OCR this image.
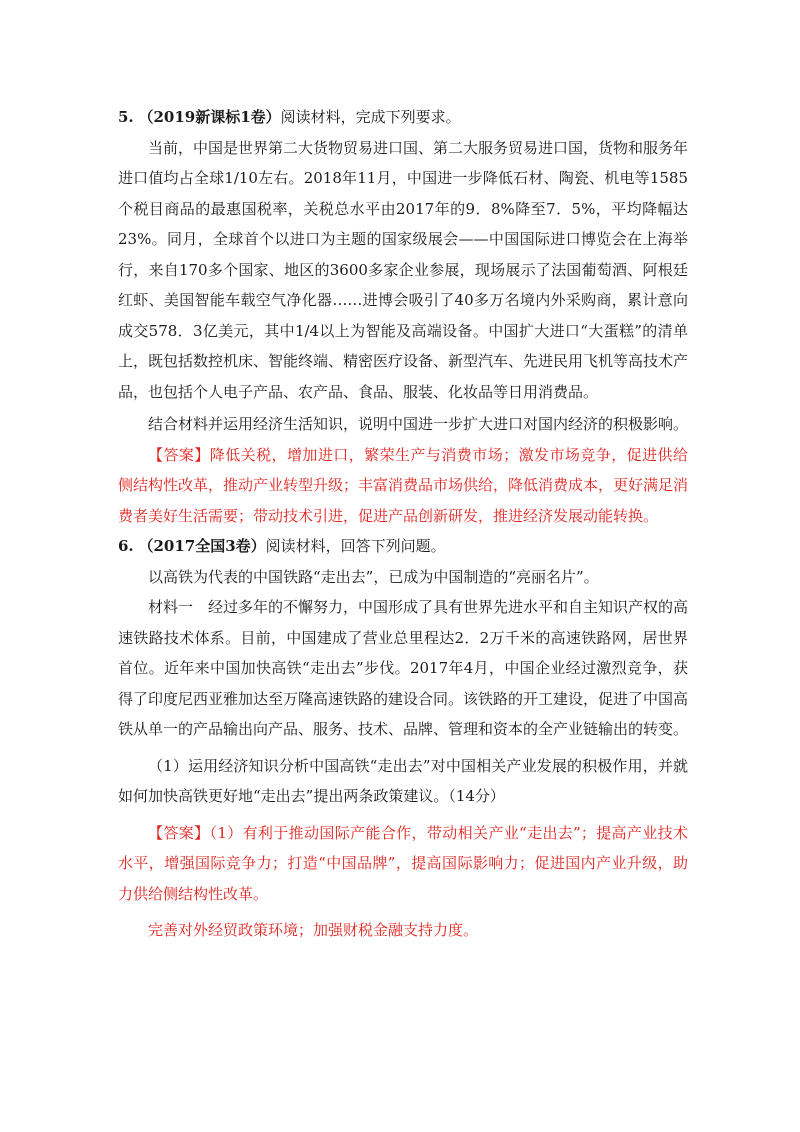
5. （2019新课标1卷）阅读材料，完成下列要求。

当前，中国是世界第二大货物贸易进口国、第二大服务贸易进口国，货物和服务年进口值均占全球1/10左右。2018年11月，中国进一步降低石材、陶瓷、机电等1585个税目商品的最惠国税率，关税总水平由2017年的9．8%降至7．5%，平均降幅达23%。同月，全球首个以进口为主题的国家级展会——中国国际进口博览会在上海举行，来自170多个国家、地区的3600多家企业参展，现场展示了法国葡萄酒、阿根廷红虾、美国智能车载空气净化器……进博会吸引了40多万名境内外采购商，累计意向成交578．3亿美元，其中1/4以上为智能及高端设备。中国扩大进口“大蛋糕”的清单上，既包括数控机床、智能终端、精密医疗设备、新型汽车、先进民用飞机等高技术产品，也包括个人电子产品、农产品、食品、服装、化妆品等日用消费品。

结合材料并运用经济生活知识，说明中国进一步扩大进口对国内经济的积极影响。

【答案】降低关税，增加进口，繁荣生产与消费市场；激发市场竞争，促进供给侧结构性改革，推动产业转型升级；丰富消费品市场供给，降低消费成本，更好满足消费者美好生活需要；带动技术引进，促进产品创新研发，推进经济发展动能转换。

6. （2017全国3卷）阅读材料，回答下列问题。

以高铁为代表的中国铁路“走出去”，已成为中国制造的“亮丽名片”。

材料一　经过多年的不懈努力，中国形成了具有世界先进水平和自主知识产权的高速铁路技术体系。目前，中国建成了营业总里程达2．2万千米的高速铁路网，居世界首位。近年来中国加快高铁“走出去”步伐。2017年4月，中国企业经过激烈竞争，获得了印度尼西亚雅加达至万隆高速铁路的建设合同。该铁路的开工建设，促进了中国高铁从单一的产品输出向产品、服务、技术、品牌、管理和资本的全产业链输出的转变。

（1）运用经济知识分析中国高铁“走出去”对中国相关产业发展的积极作用，并就如何加快高铁更好地“走出去”提出两条政策建议。（14分）

【答案】（1）有利于推动国际产能合作，带动相关产业“走出去”；提高产业技术水平，增强国际竞争力；打造“中国品牌”，提高国际影响力；促进国内产业升级，助力供给侧结构性改革。

完善对外经贸政策环境；加强财税金融支持力度。
